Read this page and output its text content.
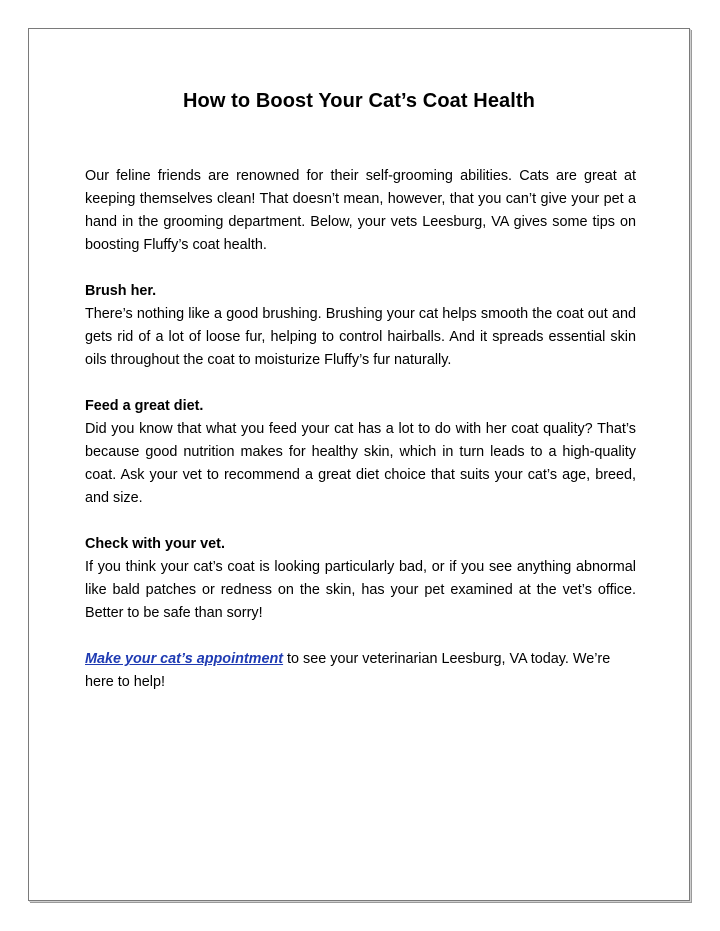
How to Boost Your Cat’s Coat Health

Our feline friends are renowned for their self-grooming abilities. Cats are great at keeping themselves clean! That doesn’t mean, however, that you can’t give your pet a hand in the grooming department. Below, your vets Leesburg, VA gives some tips on boosting Fluffy’s coat health.

Brush her.
There’s nothing like a good brushing. Brushing your cat helps smooth the coat out and gets rid of a lot of loose fur, helping to control hairballs. And it spreads essential skin oils throughout the coat to moisturize Fluffy’s fur naturally.
Feed a great diet.
Did you know that what you feed your cat has a lot to do with her coat quality? That’s because good nutrition makes for healthy skin, which in turn leads to a high-quality coat. Ask your vet to recommend a great diet choice that suits your cat’s age, breed, and size.
Check with your vet.
If you think your cat’s coat is looking particularly bad, or if you see anything abnormal like bald patches or redness on the skin, has your pet examined at the vet’s office. Better to be safe than sorry!

Make your cat’s appointment to see your veterinarian Leesburg, VA today. We’re here to help!
